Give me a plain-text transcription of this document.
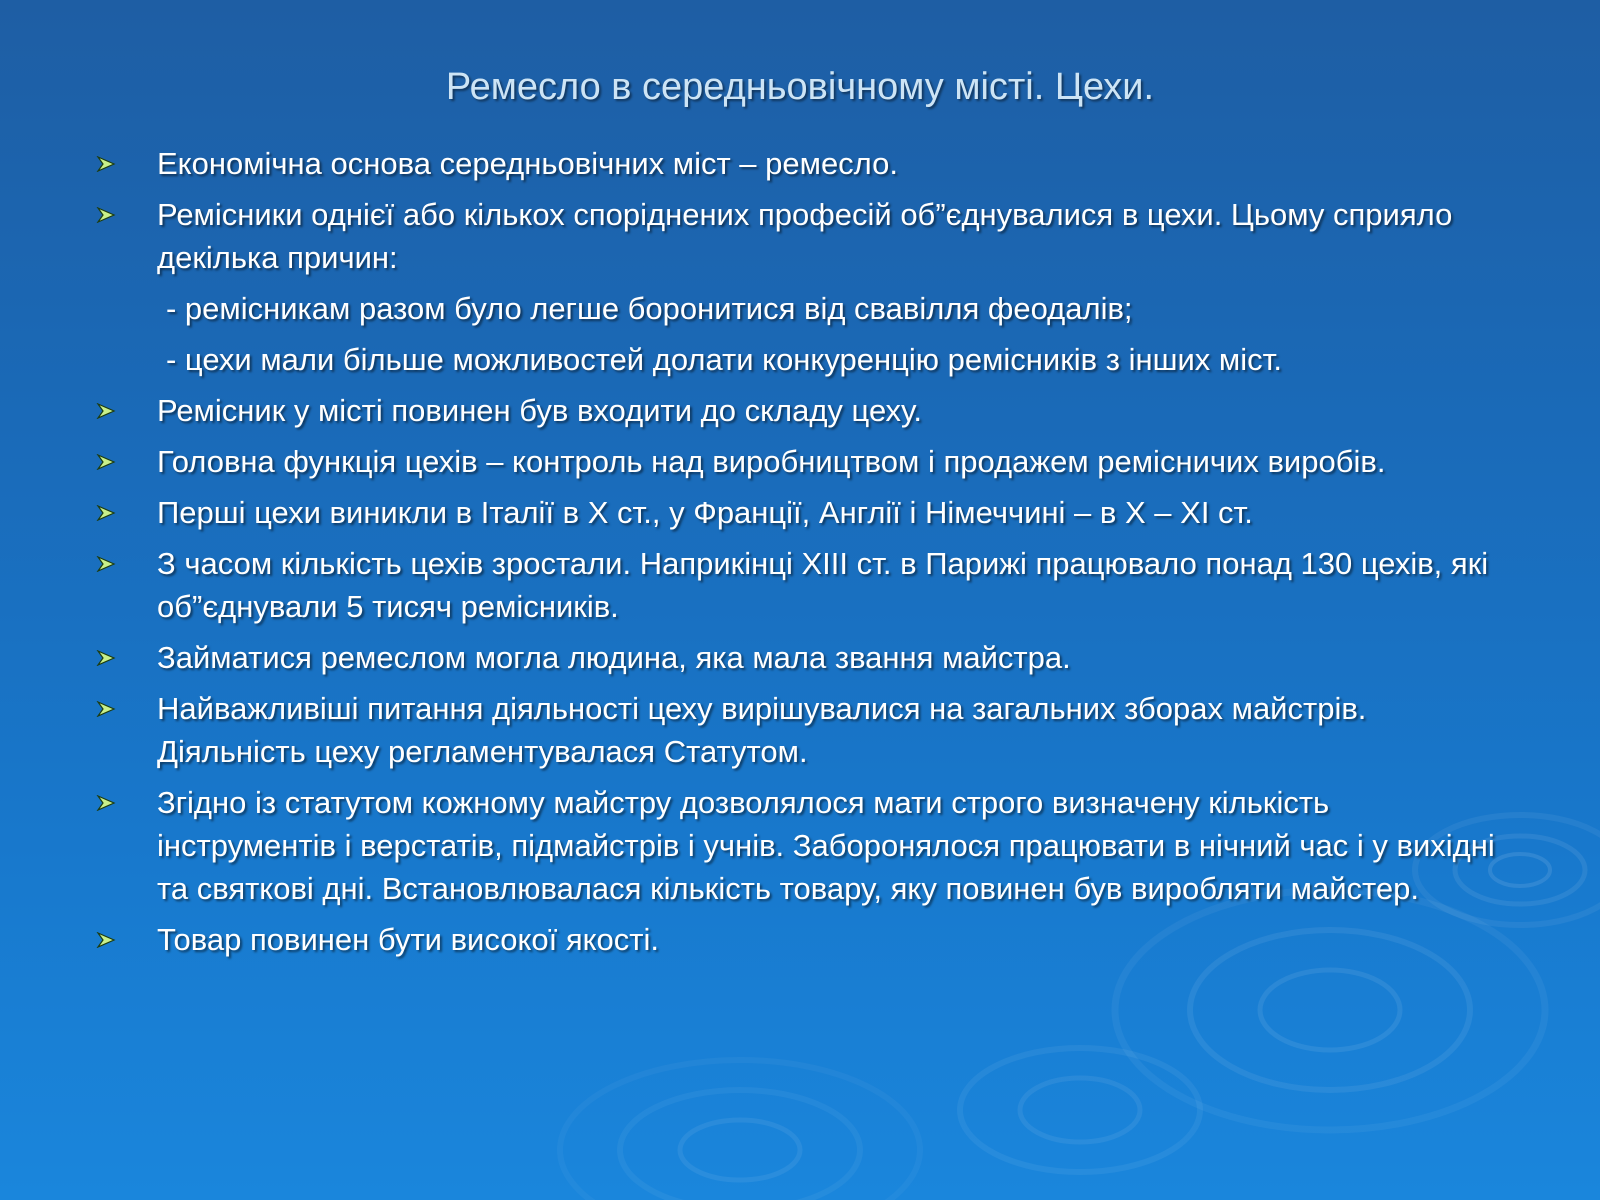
Ремесло в середньовічному місті. Цехи.
Економічна основа середньовічних міст – ремесло.
Ремісники однієї або кількох споріднених професій об”єднувалися в цехи. Цьому сприяло декілька причин:
- ремісникам разом було легше боронитися від свавілля феодалів;
- цехи мали більше можливостей долати конкуренцію ремісників з інших міст.
Ремісник у місті повинен був входити до складу цеху.
Головна функція цехів – контроль над виробництвом і продажем ремісничих виробів.
Перші цехи виникли в Італії в X ст., у Франції, Англії і Німеччині – в X – XI ст.
З часом кількість цехів зростали. Наприкінці XIII ст. в Парижі працювало понад 130 цехів, які об”єднували 5 тисяч ремісників.
Займатися ремеслом могла людина, яка мала звання майстра.
Найважливіші питання діяльності цеху вирішувалися на загальних зборах майстрів. Діяльність цеху регламентувалася Статутом.
Згідно із статутом кожному майстру дозволялося мати строго визначену кількість інструментів і верстатів, підмайстрів і учнів. Заборонялося працювати в нічний час і у вихідні та святкові дні. Встановлювалася кількість товару, яку повинен був виробляти майстер.
Товар повинен бути високої якості.
